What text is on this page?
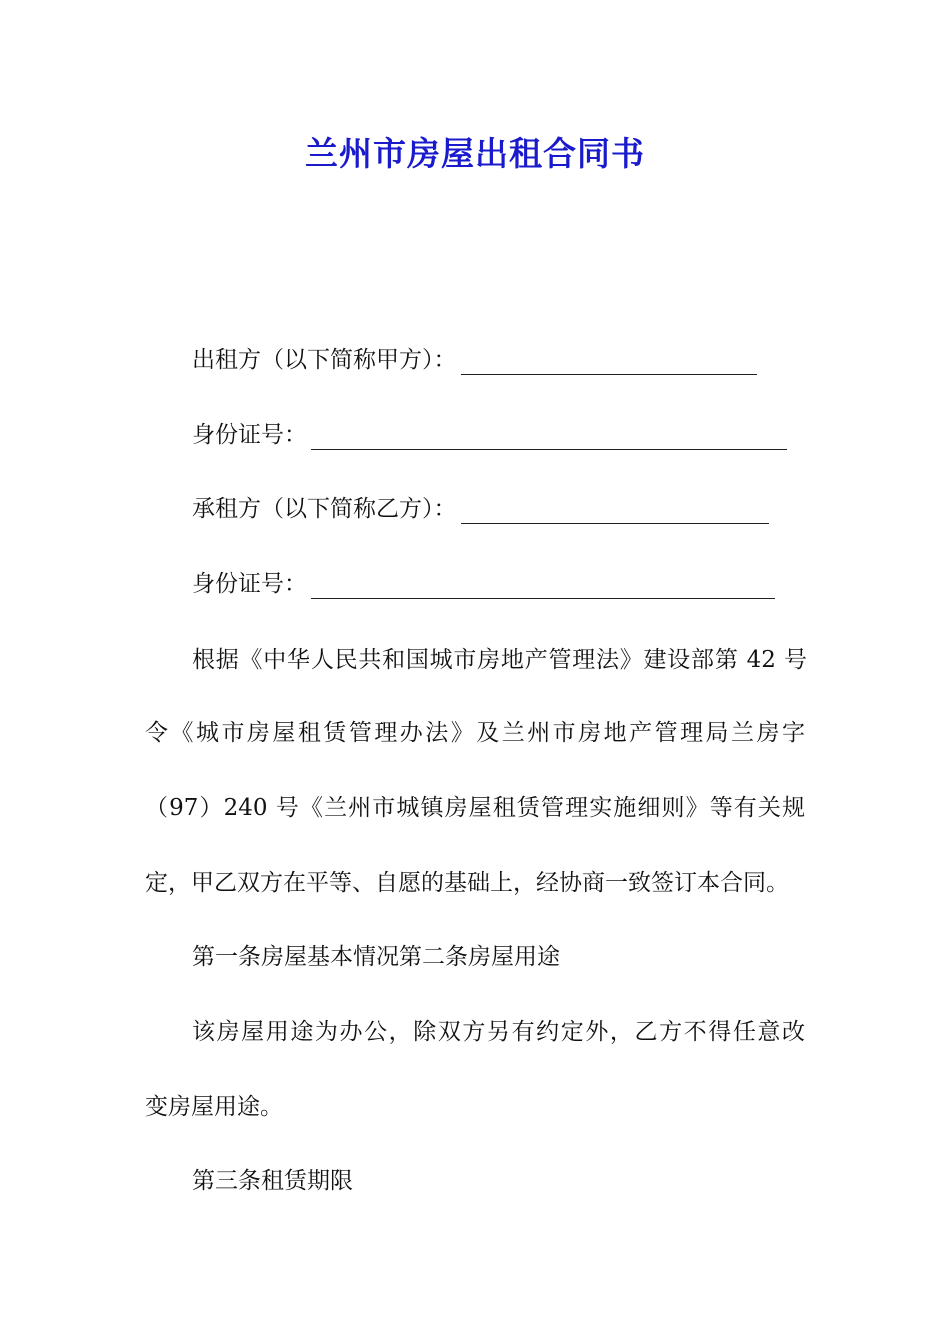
兰州市房屋出租合同书
出租方（以下简称甲方）：
身份证号：
承租方（以下简称乙方）：
身份证号：
根据《中华人民共和国城市房地产管理法》建设部第 42 号
令《城市房屋租赁管理办法》及兰州市房地产管理局兰房字
（97）240 号《兰州市城镇房屋租赁管理实施细则》等有关规
定，甲乙双方在平等、自愿的基础上，经协商一致签订本合同。
第一条房屋基本情况第二条房屋用途
该房屋用途为办公，除双方另有约定外，乙方不得任意改
变房屋用途。
第三条租赁期限
